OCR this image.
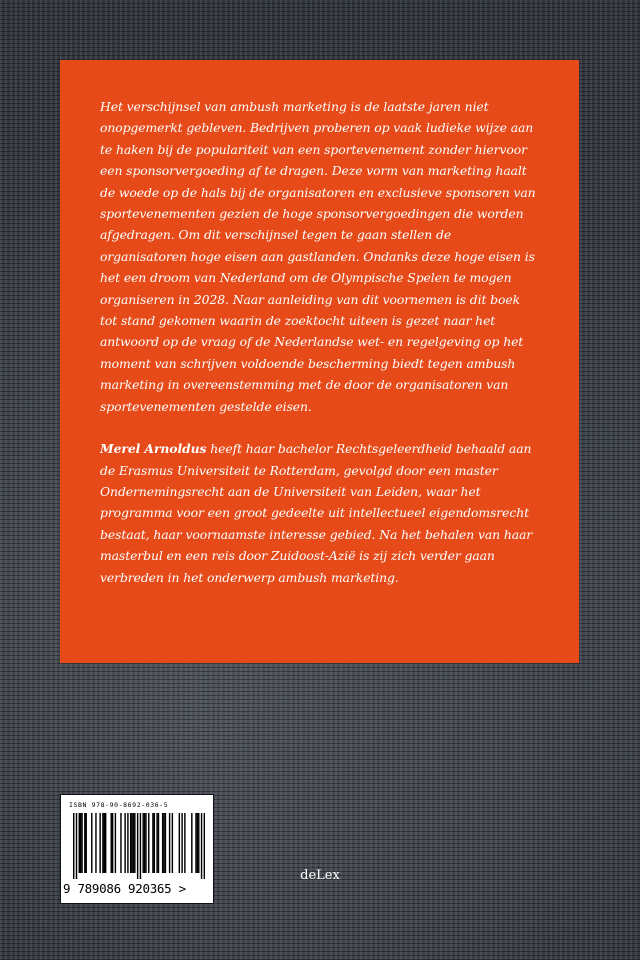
Het verschijnsel van ambush marketing is de laatste jaren niet onopgemerkt gebleven. Bedrijven proberen op vaak ludieke wijze aan te haken bij de populariteit van een sportevenement zonder hiervoor een sponsorvergoeding af te dragen. Deze vorm van marketing haalt de woede op de hals bij de organisatoren en exclusieve sponsoren van sportevenementen gezien de hoge sponsorvergoedingen die worden afgedragen. Om dit verschijnsel tegen te gaan stellen de organisatoren hoge eisen aan gastlanden. Ondanks deze hoge eisen is het een droom van Nederland om de Olympische Spelen te mogen organiseren in 2028. Naar aanleiding van dit voornemen is dit boek tot stand gekomen waarin de zoektocht uiteen is gezet naar het antwoord op de vraag of de Nederlandse wet- en regelgeving op het moment van schrijven voldoende bescherming biedt tegen ambush marketing in overeenstemming met de door de organisatoren van sportevenementen gestelde eisen.

Merel Arnoldus heeft haar bachelor Rechtsgeleerdheid behaald aan de Erasmus Universiteit te Rotterdam, gevolgd door een master Ondernemingsrecht aan de Universiteit van Leiden, waar het programma voor een groot gedeelte uit intellectueel eigendomsrecht bestaat, haar voornaamste interesse gebied. Na het behalen van haar masterbul en een reis door Zuidoost-Azië is zij zich verder gaan verbreden in het onderwerp ambush marketing.

ISBN 978-90-8692-036-5
9 789086 920365 >
deLex
